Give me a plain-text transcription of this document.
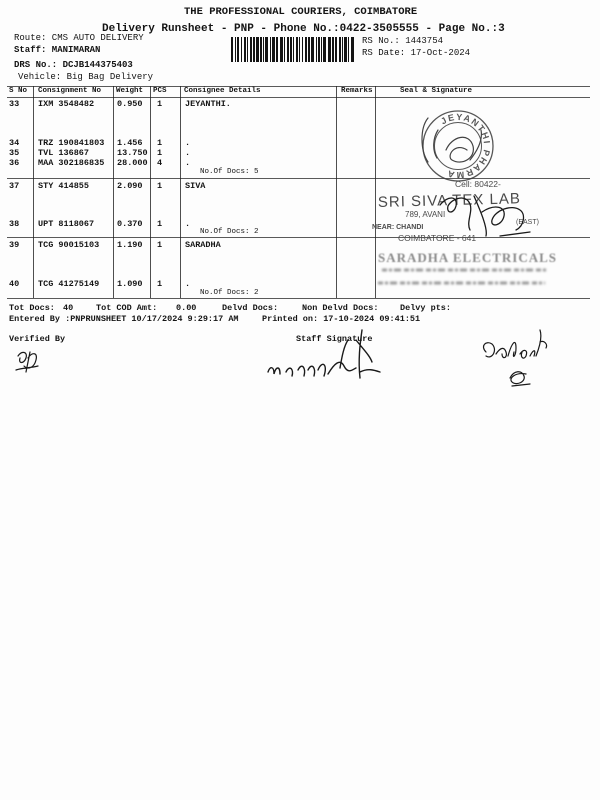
THE PROFESSIONAL COURIERS, COIMBATORE
Delivery Runsheet - PNP - Phone No.:0422-3505555 - Page No.:3
Route: CMS AUTO DELIVERY
Staff: MANIMARAN
RS No.: 1443754
RS Date: 17-Oct-2024
DRS No.: DCJB144375403
Vehicle: Big Bag Delivery
S No Consignment No Weight PCS Consignee Details	Remarks	Seal & Signature
33 IXM 3548482	0.950 1	JEYANTHI.
34 TRZ 190841803 1.456 1	.
35 TVL 136867	13.750 1	.
36 MAA 302186835 28.000 4	.
No.Of Docs: 5
37 STY 414855	2.090 1	SIVA
38 UPT 8118067	0.370 1	.
No.Of Docs: 2
39 TCG 90015103 1.190 1	SARADHA
40 TCG 41275149 1.090 1	.
No.Of Docs: 2
Tot Docs: 40	Tot COD Amt: 0.00	Delvd Docs:	Non Delvd Docs:	Delvy pts:
Entered By :PNPRUNSHEET 10/17/2024 9:29:17 AM	Printed on: 17-10-2024 09:41:51
Verified By	Staff Signature
JEYANTHI PHARMA
Cell: 80422-
SRI SIVA TEX LAB
789, AVANI
NEAR: CHANDI
(EAST)
COIMBATORE - 641
SARADHA ELECTRICALS
